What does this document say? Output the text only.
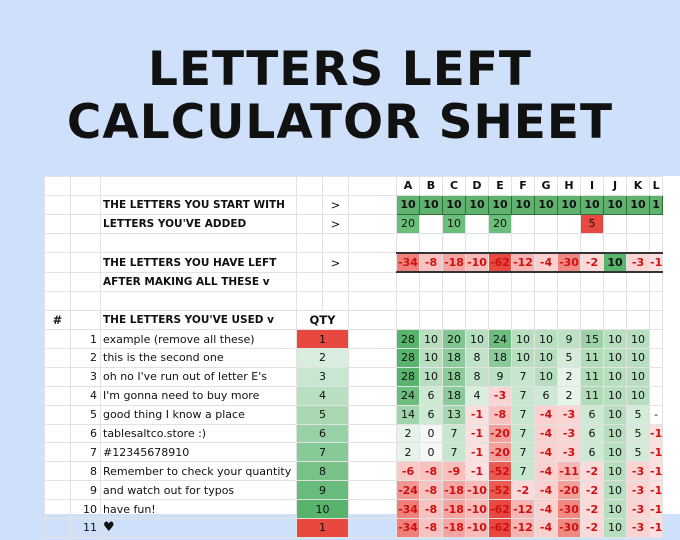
LETTERS LEFT
CALCULATOR SHEET
						A	B	C	D	E	F	G	H	I	J	K	L
		THE LETTERS YOU START WITH		>		10	10	10	10	10	10	10	10	10	10	10	1
		LETTERS YOU'VE ADDED		>		20		10		20				5			

		THE LETTERS YOU HAVE LEFT		>		-34	-8	-18	-10	-62	-12	-4	-30	-2	10	-3	-1
		AFTER MAKING ALL THESE v															

#		THE LETTERS YOU'VE USED v	QTY														
	1	example (remove all these)	1			28	10	20	10	24	10	10	9	15	10	10	
	2	this is the second one	2			28	10	18	8	18	10	10	5	11	10	10	
	3	oh no I've run out of letter E's	3			28	10	18	8	9	7	10	2	11	10	10	
	4	I'm gonna need to buy more	4			24	6	18	4	-3	7	6	2	11	10	10	
	5	good thing I know a place	5			14	6	13	-1	-8	7	-4	-3	6	10	5	-
	6	tablesaltco.store :)	6			2	0	7	-1	-20	7	-4	-3	6	10	5	-1
	7	#12345678910	7			2	0	7	-1	-20	7	-4	-3	6	10	5	-1
	8	Remember to check your quantity	8			-6	-8	-9	-1	-52	7	-4	-11	-2	10	-3	-1
	9	and watch out for typos	9			-24	-8	-18	-10	-52	-2	-4	-20	-2	10	-3	-1
	10	have fun!	10			-34	-8	-18	-10	-62	-12	-4	-30	-2	10	-3	-1
	11	♥	1			-34	-8	-18	-10	-62	-12	-4	-30	-2	10	-3	-1
